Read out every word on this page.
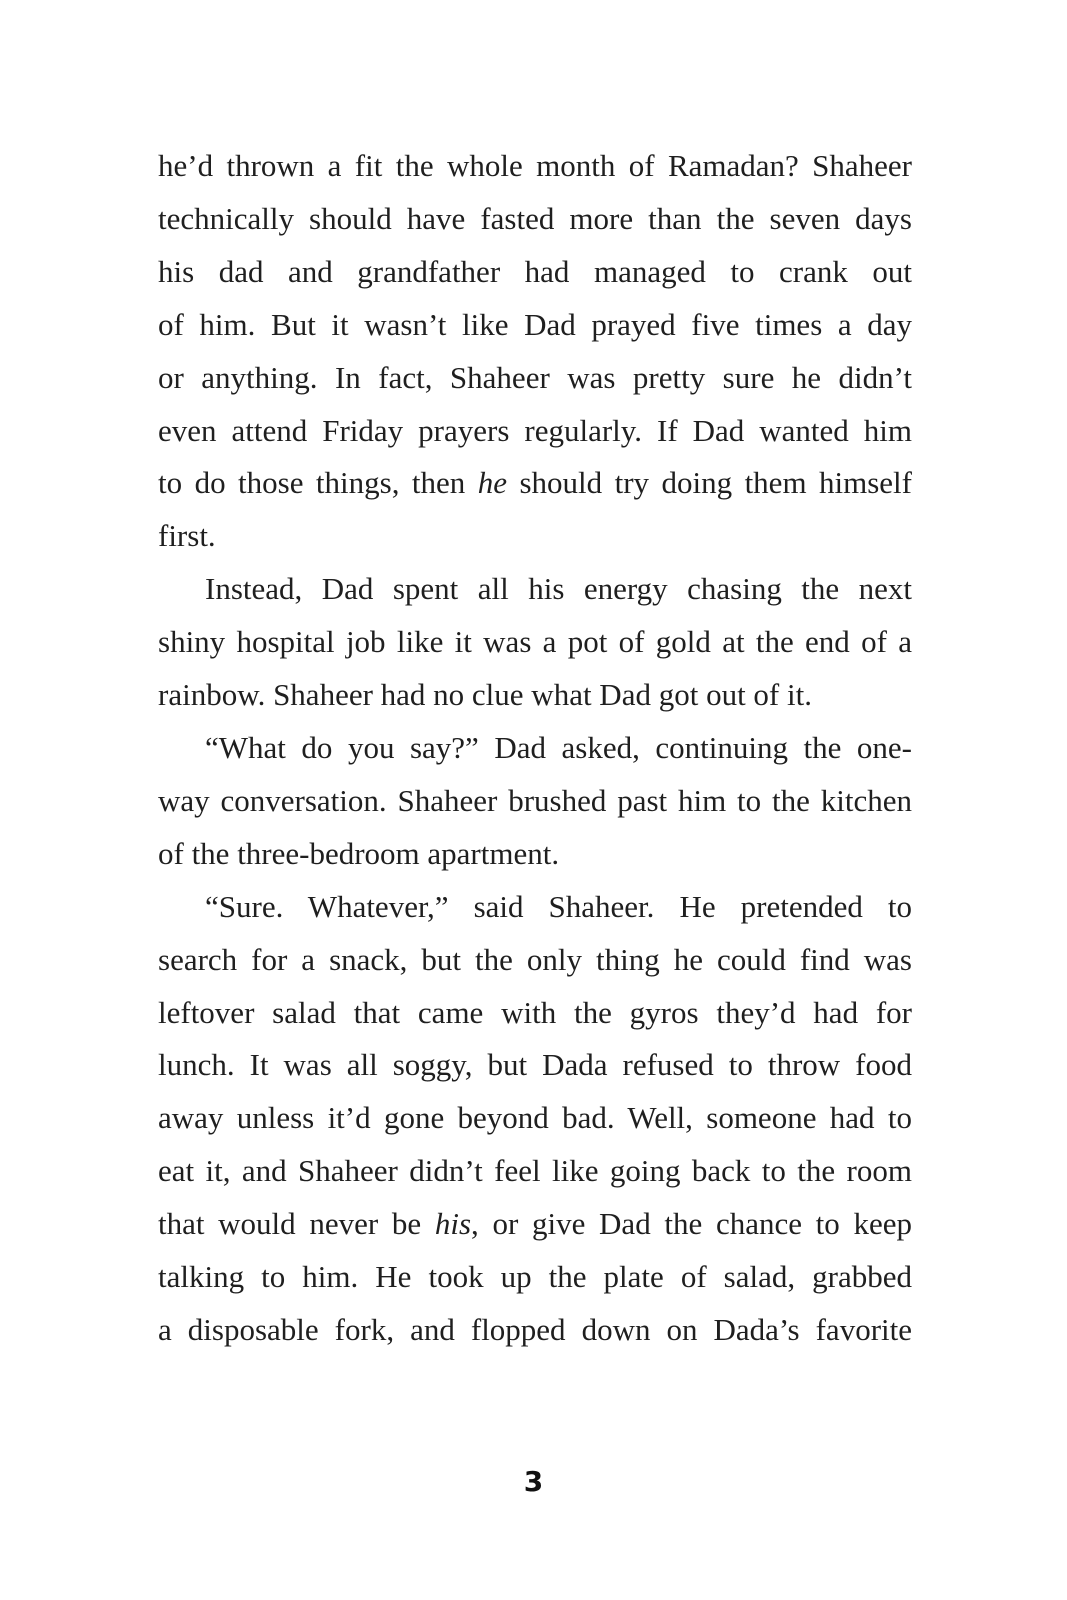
he’d thrown a fit the whole month of Ramadan? Shaheer
technically should have fasted more than the seven days
his dad and grandfather had managed to crank out
of him. But it wasn’t like Dad prayed five times a day
or anything. In fact, Shaheer was pretty sure he didn’t
even attend Friday prayers regularly. If Dad wanted him
to do those things, then he should try doing them himself
first.
Instead, Dad spent all his energy chasing the next
shiny hospital job like it was a pot of gold at the end of a
rainbow. Shaheer had no clue what Dad got out of it.
“What do you say?” Dad asked, continuing the one-
way conversation. Shaheer brushed past him to the kitchen
of the three-bedroom apartment.
“Sure. Whatever,” said Shaheer. He pretended to
search for a snack, but the only thing he could find was
leftover salad that came with the gyros they’d had for
lunch. It was all soggy, but Dada refused to throw food
away unless it’d gone beyond bad. Well, someone had to
eat it, and Shaheer didn’t feel like going back to the room
that would never be his, or give Dad the chance to keep
talking to him. He took up the plate of salad, grabbed
a disposable fork, and flopped down on Dada’s favorite
3
